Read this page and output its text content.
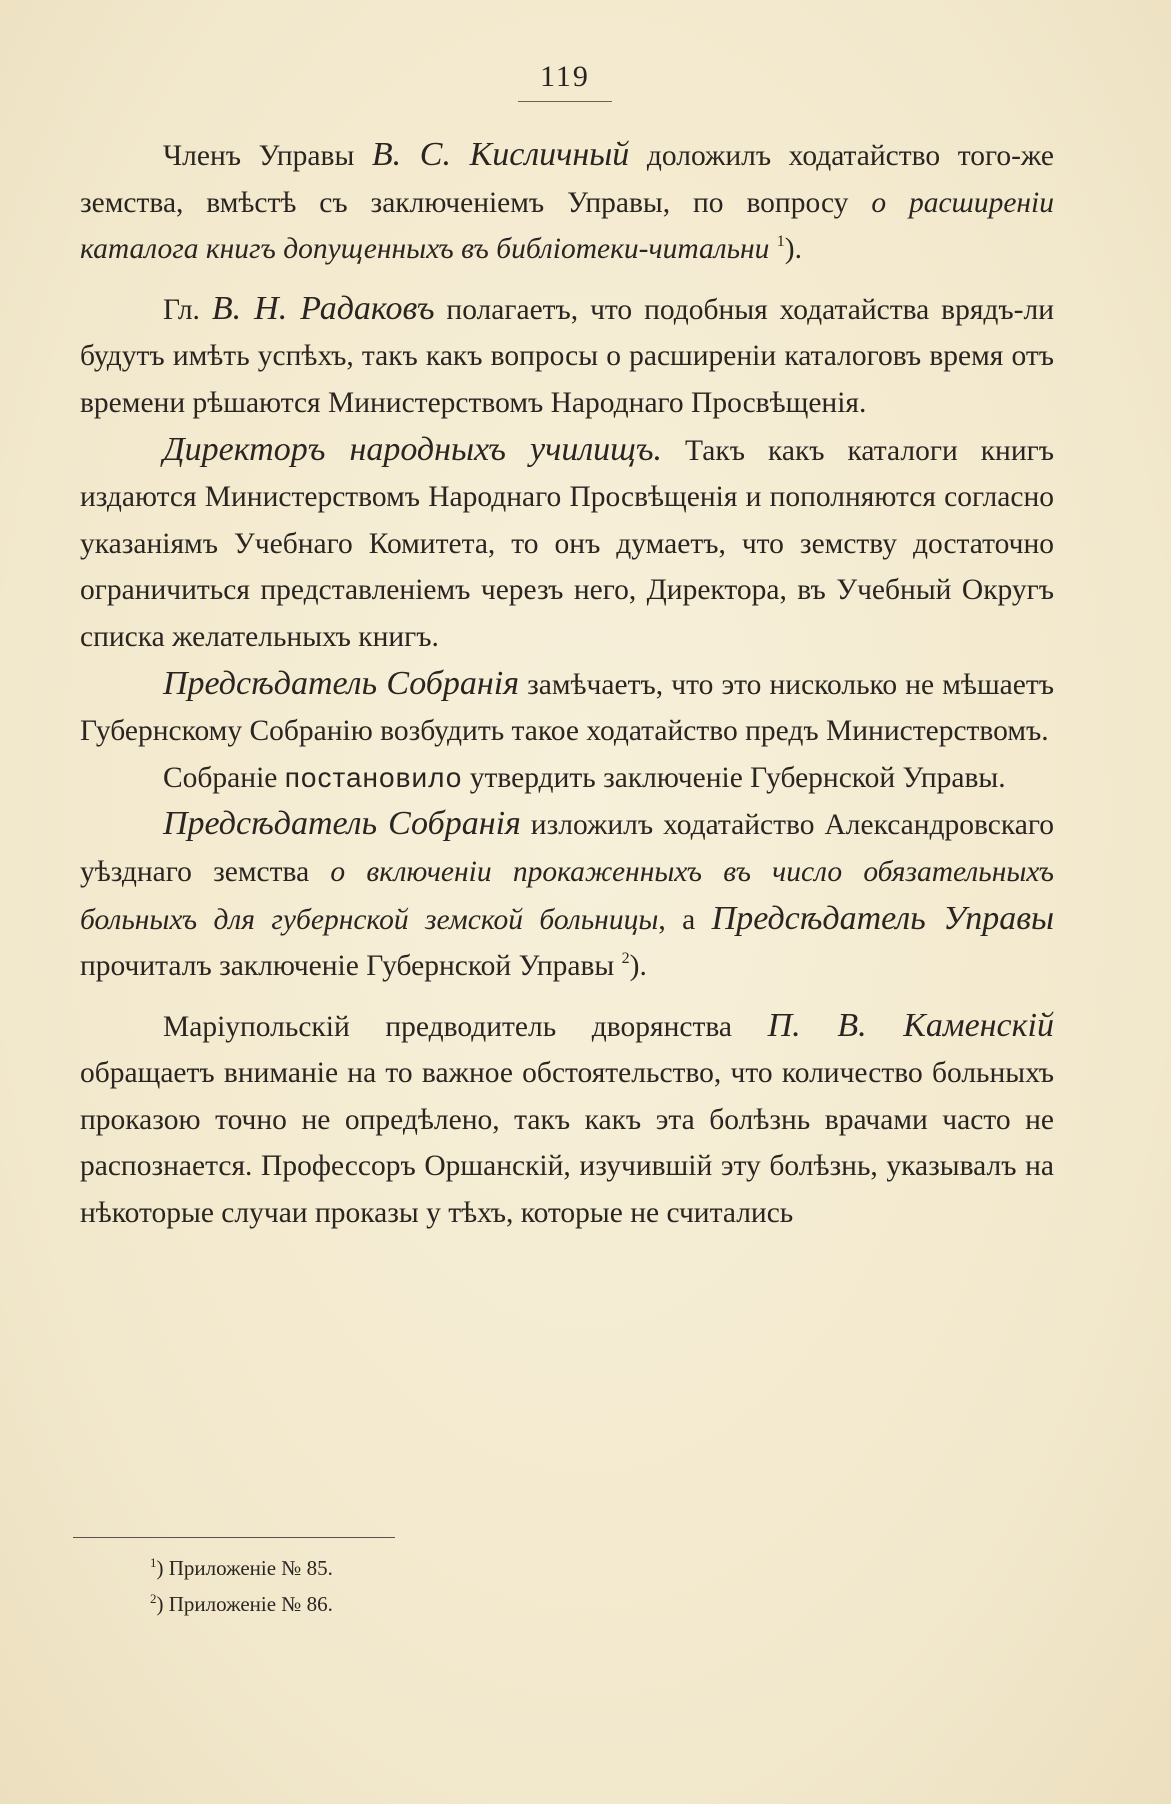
119

Членъ Управы В. С. Кисличный доложилъ ходатайство того-же земства, вмѣстѣ съ заключеніемъ Управы, по вопросу о расширеніи каталога книгъ допущенныхъ въ библіотеки-читальни $^1$).

Гл. В. Н. Радаковъ полагаетъ, что подобныя ходатайства врядъ-ли будутъ имѣть успѣхъ, такъ какъ вопросы о расширеніи каталоговъ время отъ времени рѣшаются Министерствомъ Народнаго Просвѣщенія.

Директоръ народныхъ училищъ. Такъ какъ каталоги книгъ издаются Министерствомъ Народнаго Просвѣщенія и пополняются согласно указаніямъ Учебнаго Комитета, то онъ думаетъ, что земству достаточно ограничиться представленіемъ черезъ него, Директора, въ Учебный Округъ списка желательныхъ книгъ.

Предсѣдатель Собранія замѣчаетъ, что это нисколько не мѣшаетъ Губернскому Собранію возбудить такое ходатайство предъ Министерствомъ.

Собраніе постановило утвердить заключеніе Губернской Управы.

Предсѣдатель Собранія изложилъ ходатайство Александровскаго уѣзднаго земства о включеніи прокаженныхъ въ число обязательныхъ больныхъ для губернской земской больницы, а Предсѣдатель Управы прочиталъ заключеніе Губернской Управы $^2$).

Маріупольскій предводитель дворянства П. В. Каменскій обращаетъ вниманіе на то важное обстоятельство, что количество больныхъ проказою точно не опредѣлено, такъ какъ эта болѣзнь врачами часто не распознается. Профессоръ Оршанскій, изучившій эту болѣзнь, указывалъ на нѣкоторые случаи проказы у тѣхъ, которые не считались

$^1$) Приложеніе № 85.
$^2$) Приложеніе № 86.
